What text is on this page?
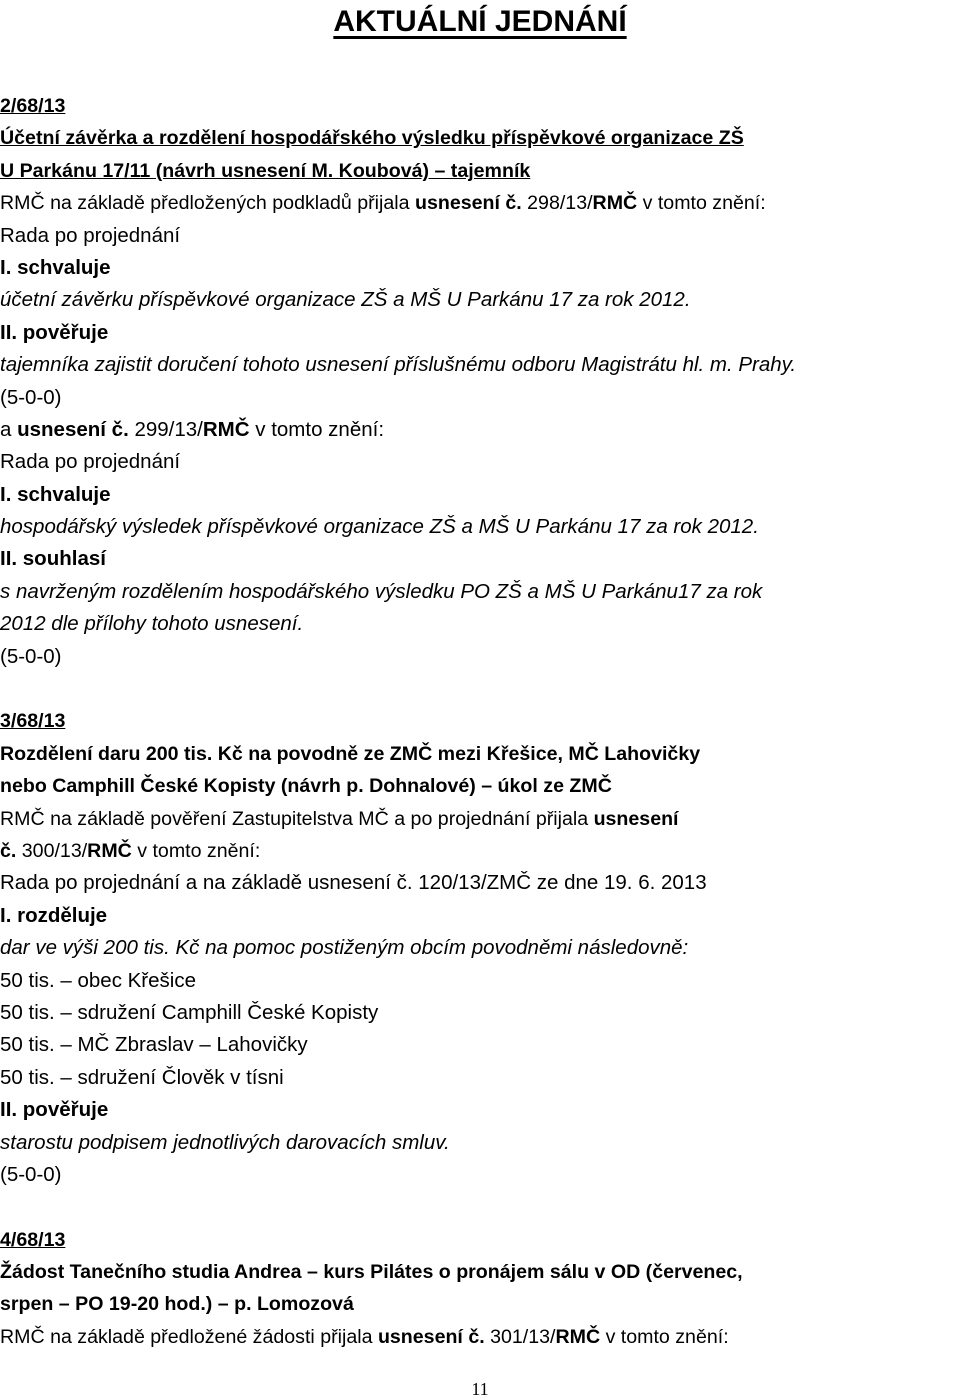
AKTUÁLNÍ JEDNÁNÍ
2/68/13
Účetní závěrka a rozdělení hospodářského výsledku příspěvkové organizace ZŠ
U Parkánu 17/11 (návrh usnesení M. Koubová) – tajemník
RMČ na základě předložených podkladů přijala usnesení č. 298/13/RMČ v tomto znění:
Rada po projednání
I. schvaluje
účetní závěrku příspěvkové organizace ZŠ a MŠ U Parkánu 17 za rok 2012.
II. pověřuje
tajemníka zajistit doručení tohoto usnesení příslušnému odboru Magistrátu hl. m. Prahy.
(5-0-0)
a usnesení č. 299/13/RMČ v tomto znění:
Rada po projednání
I. schvaluje
hospodářský výsledek příspěvkové organizace ZŠ a MŠ U Parkánu 17 za rok 2012.
II. souhlasí
s navrženým rozdělením hospodářského výsledku PO ZŠ a MŠ U Parkánu17 za rok
2012 dle přílohy tohoto usnesení.
(5-0-0)
3/68/13
Rozdělení daru 200 tis. Kč na povodně ze ZMČ mezi Křešice, MČ Lahovičky
nebo Camphill České Kopisty (návrh p. Dohnalové) – úkol ze ZMČ
RMČ na základě pověření Zastupitelstva MČ a po projednání přijala usnesení
č. 300/13/RMČ v tomto znění:
Rada po projednání a na základě usnesení č. 120/13/ZMČ ze dne 19. 6. 2013
I. rozděluje
dar ve výši 200 tis. Kč na pomoc postiženým obcím povodněmi následovně:
50 tis. – obec Křešice
50 tis. – sdružení Camphill České Kopisty
50 tis. – MČ Zbraslav – Lahovičky
50 tis. – sdružení Člověk v tísni
II. pověřuje
starostu podpisem jednotlivých darovacích smluv.
(5-0-0)
4/68/13
Žádost Tanečního studia Andrea – kurs Pilátes o pronájem sálu v OD (červenec,
srpen – PO 19-20 hod.) – p. Lomozová
RMČ na základě předložené žádosti přijala usnesení č. 301/13/RMČ v tomto znění:
11
